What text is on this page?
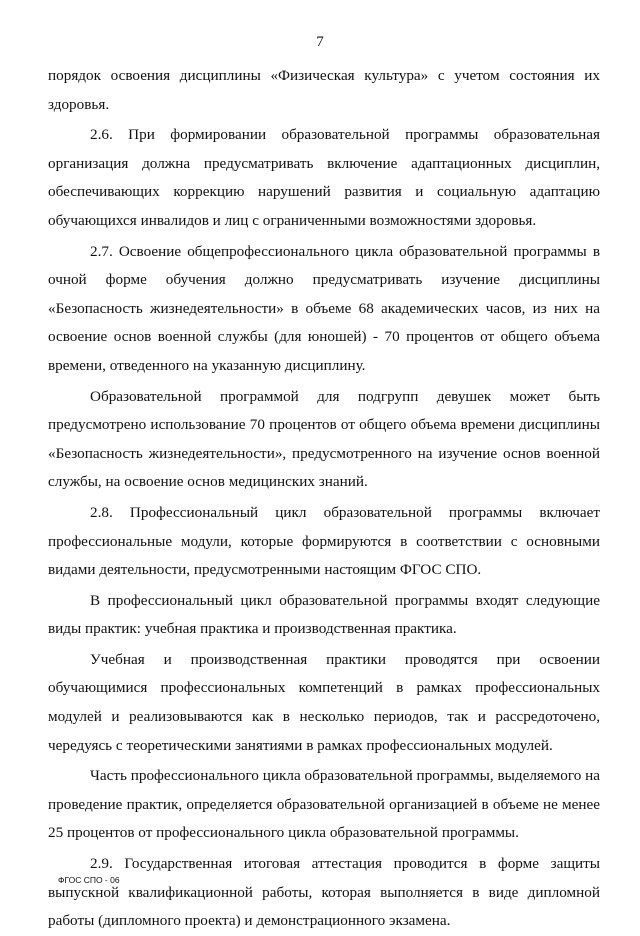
7

порядок освоения дисциплины «Физическая культура» с учетом состояния их здоровья.

2.6. При формировании образовательной программы образовательная организация должна предусматривать включение адаптационных дисциплин, обеспечивающих коррекцию нарушений развития и социальную адаптацию обучающихся инвалидов и лиц с ограниченными возможностями здоровья.

2.7. Освоение общепрофессионального цикла образовательной программы в очной форме обучения должно предусматривать изучение дисциплины «Безопасность жизнедеятельности» в объеме 68 академических часов, из них на освоение основ военной службы (для юношей) - 70 процентов от общего объема времени, отведенного на указанную дисциплину.

Образовательной программой для подгрупп девушек может быть предусмотрено использование 70 процентов от общего объема времени дисциплины «Безопасность жизнедеятельности», предусмотренного на изучение основ военной службы, на освоение основ медицинских знаний.

2.8. Профессиональный цикл образовательной программы включает профессиональные модули, которые формируются в соответствии с основными видами деятельности, предусмотренными настоящим ФГОС СПО.

В профессиональный цикл образовательной программы входят следующие виды практик: учебная практика и производственная практика.

Учебная и производственная практики проводятся при освоении обучающимися профессиональных компетенций в рамках профессиональных модулей и реализовываются как в несколько периодов, так и рассредоточено, чередуясь с теоретическими занятиями в рамках профессиональных модулей.

Часть профессионального цикла образовательной программы, выделяемого на проведение практик, определяется образовательной организацией в объеме не менее 25 процентов от профессионального цикла образовательной программы.

2.9. Государственная итоговая аттестация проводится в форме защиты выпускной квалификационной работы, которая выполняется в виде дипломной работы (дипломного проекта) и демонстрационного экзамена.

ФГОС СПО - 06
